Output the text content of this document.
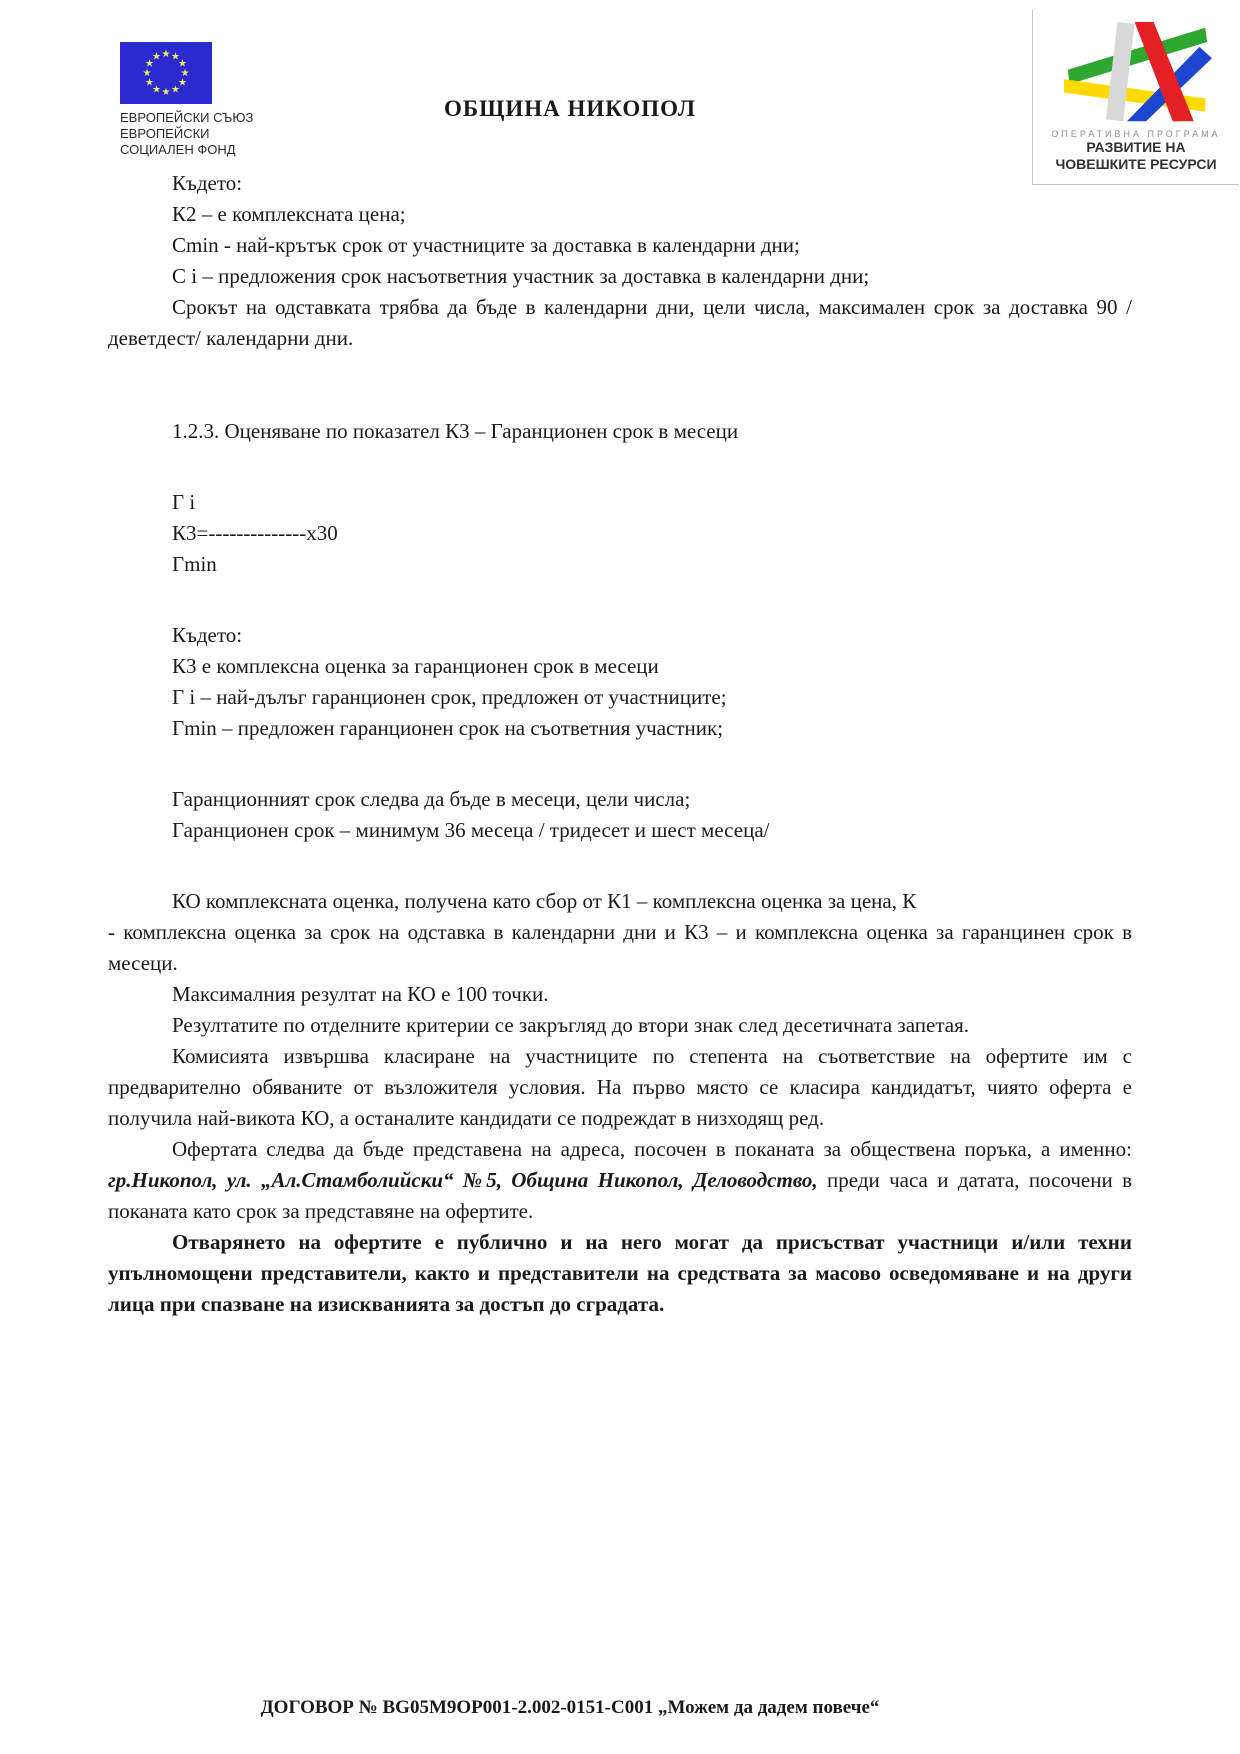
★ ★
★
★
★
★
★
★
★
★
★
★
ЕВРОПЕЙСКИ СЪЮЗ
ЕВРОПЕЙСКИ
СОЦИАЛЕН ФОНД
ОБЩИНА НИКОПОЛ
ОПЕРАТИВНА ПРОГРАМА
РАЗВИТИЕ НА
ЧОВЕШКИТЕ РЕСУРСИ

Където:

К2 – е комплексната цена;

Сmin - най-крътък срок от участниците за доставка в календарни дни;

С i – предложения срок насъответния участник за доставка в календарни дни;

Срокът на одставката трябва да бъде в календарни дни, цели числа, максимален срок за доставка 90 / деветдест/ календарни дни.

1.2.3. Оценяване по показател К3 – Гаранционен срок в месеци

Г i

К3=--------------х30

Гmin

Където:

К3 е комплексна оценка за гаранционен срок в месеци

Г i – най-дълъг гаранционен срок, предложен от участниците;

Гmin – предложен гаранционен срок на съответния участник;

Гаранционният срок следва да бъде в месеци, цели числа;

Гаранционен срок – минимум 36 месеца / тридесет и шест месеца/

КО комплексната оценка, получена като сбор от К1 – комплексна оценка за цена, К

- комплексна оценка за срок на одставка в календарни дни и К3 – и комплексна оценка за гаранцинен срок в месеци.

Максималния резултат на КО е 100 точки.

Резултатите по отделните критерии се закръгляд до втори знак след десетичната запетая.

Комисията извършва класиране на участниците по степента на съответствие на офертите им с предварително обяваните от възложителя условия. На първо място се класира кандидатът, чиято оферта е получила най-викота КО, а останалите кандидати се подреждат в низходящ ред.

Офертата следва да бъде представена на адреса, посочен в поканата за обществена поръка, а именно: гр.Никопол, ул. „Ал.Стамболийски“ №5, Община Никопол, Деловодство, преди часа и датата, посочени в поканата като срок за представяне на офертите.

Отварянето на офертите е публично и на него могат да присъстват участници и/или техни упълномощени представители, както и представители на средствата за масово осведомяване и на други лица при спазване на изискванията за достъп до сградата.

ДОГОВОР № BG05M9OP001-2.002-0151-C001 „Можем да дадем повече“
